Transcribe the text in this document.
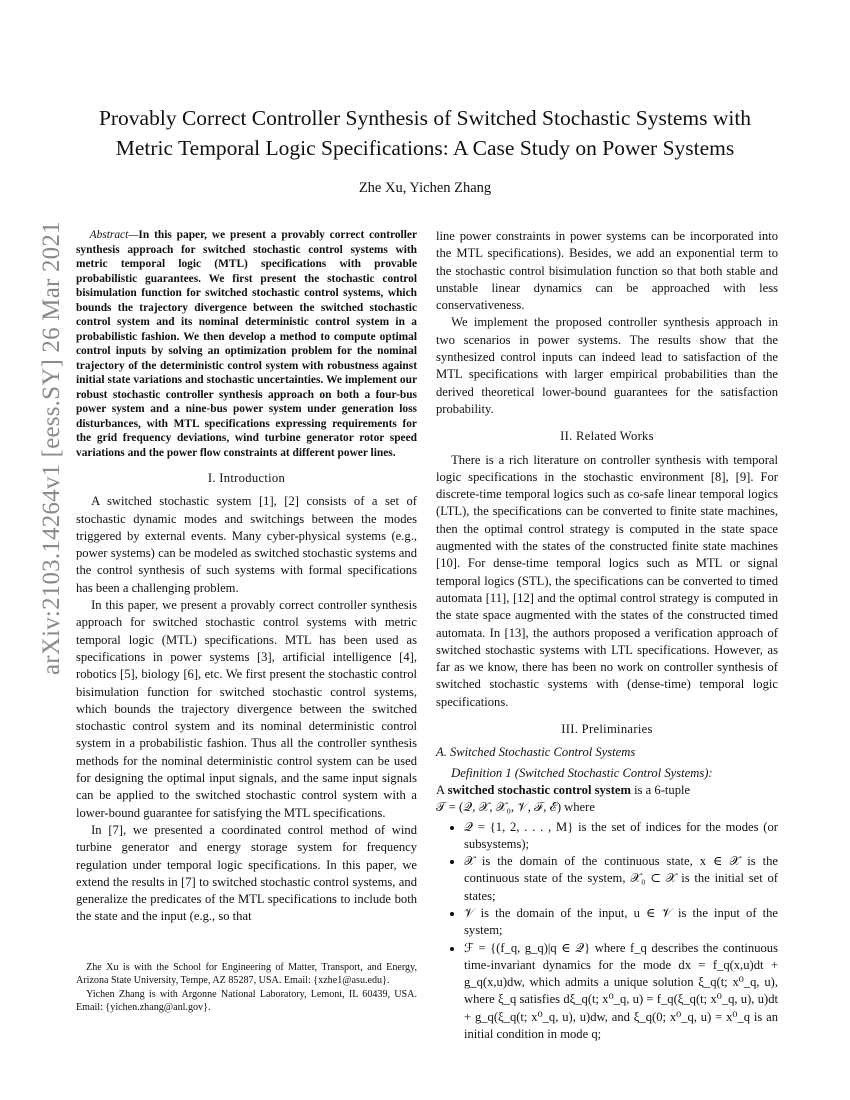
arXiv:2103.14264v1 [eess.SY] 26 Mar 2021
Provably Correct Controller Synthesis of Switched Stochastic Systems with Metric Temporal Logic Specifications: A Case Study on Power Systems
Zhe Xu, Yichen Zhang

Abstract—In this paper, we present a provably correct controller synthesis approach for switched stochastic control systems with metric temporal logic (MTL) specifications with provable probabilistic guarantees. We first present the stochastic control bisimulation function for switched stochastic control systems, which bounds the trajectory divergence between the switched stochastic control system and its nominal deterministic control system in a probabilistic fashion. We then develop a method to compute optimal control inputs by solving an optimization problem for the nominal trajectory of the deterministic control system with robustness against initial state variations and stochastic uncertainties. We implement our robust stochastic controller synthesis approach on both a four-bus power system and a nine-bus power system under generation loss disturbances, with MTL specifications expressing requirements for the grid frequency deviations, wind turbine generator rotor speed variations and the power flow constraints at different power lines.

I. Introduction

A switched stochastic system [1], [2] consists of a set of stochastic dynamic modes and switchings between the modes triggered by external events. Many cyber-physical systems (e.g., power systems) can be modeled as switched stochastic systems and the control synthesis of such systems with formal specifications has been a challenging problem.

In this paper, we present a provably correct controller synthesis approach for switched stochastic control systems with metric temporal logic (MTL) specifications. MTL has been used as specifications in power systems [3], artificial intelligence [4], robotics [5], biology [6], etc. We first present the stochastic control bisimulation function for switched stochastic control systems, which bounds the trajectory divergence between the switched stochastic control system and its nominal deterministic control system in a probabilistic fashion. Thus all the controller synthesis methods for the nominal deterministic control system can be used for designing the optimal input signals, and the same input signals can be applied to the switched stochastic control system with a lower-bound guarantee for satisfying the MTL specifications.

In [7], we presented a coordinated control method of wind turbine generator and energy storage system for frequency regulation under temporal logic specifications. In this paper, we extend the results in [7] to switched stochastic control systems, and generalize the predicates of the MTL specifications to include both the state and the input (e.g., so that

Zhe Xu is with the School for Engineering of Matter, Transport, and Energy, Arizona State University, Tempe, AZ 85287, USA. Email: {xzhe1@asu.edu}.

Yichen Zhang is with Argonne National Laboratory, Lemont, IL 60439, USA. Email: {yichen.zhang@anl.gov}.

line power constraints in power systems can be incorporated into the MTL specifications). Besides, we add an exponential term to the stochastic control bisimulation function so that both stable and unstable linear dynamics can be approached with less conservativeness.

We implement the proposed controller synthesis approach in two scenarios in power systems. The results show that the synthesized control inputs can indeed lead to satisfaction of the MTL specifications with larger empirical probabilities than the derived theoretical lower-bound guarantees for the satisfaction probability.

II. Related Works

There is a rich literature on controller synthesis with temporal logic specifications in the stochastic environment [8], [9]. For discrete-time temporal logics such as co-safe linear temporal logics (LTL), the specifications can be converted to finite state machines, then the optimal control strategy is computed in the state space augmented with the states of the constructed finite state machines [10]. For dense-time temporal logics such as MTL or signal temporal logics (STL), the specifications can be converted to timed automata [11], [12] and the optimal control strategy is computed in the state space augmented with the states of the constructed timed automata. In [13], the authors proposed a verification approach of switched stochastic systems with LTL specifications. However, as far as we know, there has been no work on controller synthesis of switched stochastic systems with (dense-time) temporal logic specifications.

III. Preliminaries
A. Switched Stochastic Control Systems
Definition 1 (Switched Stochastic Control Systems):

A switched stochastic control system is a 6-tuple

𝒯 = (𝒬, 𝒳, 𝒳₀, 𝒱, ℱ, ℰ) where

• 𝒬 = {1, 2, . . . , M} is the set of indices for the modes (or subsystems);
• 𝒳 is the domain of the continuous state, x ∈ 𝒳 is the continuous state of the system, 𝒳₀ ⊂ 𝒳 is the initial set of states;
• 𝒱 is the domain of the input, u ∈ 𝒱 is the input of the system;
• ℱ = {(f_q, g_q)|q ∈ 𝒬} where f_q describes the continuous time-invariant dynamics for the mode dx = f_q(x,u)dt + g_q(x,u)dw, which admits a unique solution ξ_q(t; x⁰_q, u), where ξ_q satisfies dξ_q(t; x⁰_q, u) = f_q(ξ_q(t; x⁰_q, u), u)dt + g_q(ξ_q(t; x⁰_q, u), u)dw, and ξ_q(0; x⁰_q, u) = x⁰_q is an initial condition in mode q;
